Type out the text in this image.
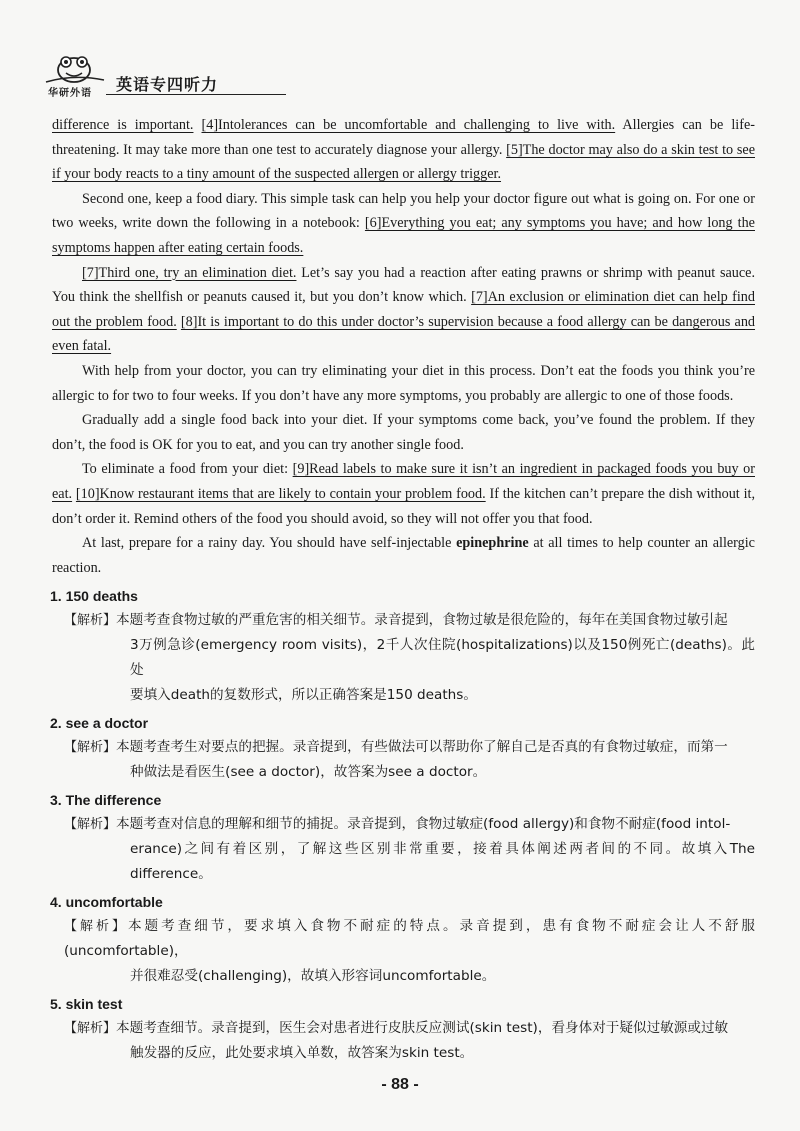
华研外语 英语专四听力

difference is important. [4]Intolerances can be uncomfortable and challenging to live with. Allergies can be life-threatening. It may take more than one test to accurately diagnose your allergy. [5]The doctor may also do a skin test to see if your body reacts to a tiny amount of the suspected allergen or allergy trigger.

Second one, keep a food diary. This simple task can help you help your doctor figure out what is going on. For one or two weeks, write down the following in a notebook: [6]Everything you eat; any symptoms you have; and how long the symptoms happen after eating certain foods.

[7]Third one, try an elimination diet. Let’s say you had a reaction after eating prawns or shrimp with peanut sauce. You think the shellfish or peanuts caused it, but you don’t know which. [7]An exclusion or elimination diet can help find out the problem food. [8]It is important to do this under doctor’s supervision because a food allergy can be dangerous and even fatal.

With help from your doctor, you can try eliminating your diet in this process. Don’t eat the foods you think you’re allergic to for two to four weeks. If you don’t have any more symptoms, you probably are allergic to one of those foods.

Gradually add a single food back into your diet. If your symptoms come back, you’ve found the problem. If they don’t, the food is OK for you to eat, and you can try another single food.

To eliminate a food from your diet: [9]Read labels to make sure it isn’t an ingredient in packaged foods you buy or eat. [10]Know restaurant items that are likely to contain your problem food. If the kitchen can’t prepare the dish without it, don’t order it. Remind others of the food you should avoid, so they will not offer you that food.

At last, prepare for a rainy day. You should have self-injectable epinephrine at all times to help counter an allergic reaction.

1. 150 deaths
【解析】本题考查食物过敏的严重危害的相关细节。录音提到，食物过敏是很危险的，每年在美国食物过敏引起
3万例急诊(emergency room visits)，2千人次住院(hospitalizations)以及150例死亡(deaths)。此处
要填入death的复数形式，所以正确答案是150 deaths。
2. see a doctor
【解析】本题考查考生对要点的把握。录音提到，有些做法可以帮助你了解自己是否真的有食物过敏症，而第一
种做法是看医生(see a doctor)，故答案为see a doctor。
3. The difference
【解析】本题考查对信息的理解和细节的捕捉。录音提到，食物过敏症(food allergy)和食物不耐症(food intol-
erance)之间有着区别，了解这些区别非常重要，接着具体阐述两者间的不同。故填入The difference。
4. uncomfortable
【解析】本题考查细节，要求填入食物不耐症的特点。录音提到，患有食物不耐症会让人不舒服(uncomfortable)，
并很难忍受(challenging)，故填入形容词uncomfortable。
5. skin test
【解析】本题考查细节。录音提到，医生会对患者进行皮肤反应测试(skin test)，看身体对于疑似过敏源或过敏
触发器的反应，此处要求填入单数，故答案为skin test。
- 88 -
